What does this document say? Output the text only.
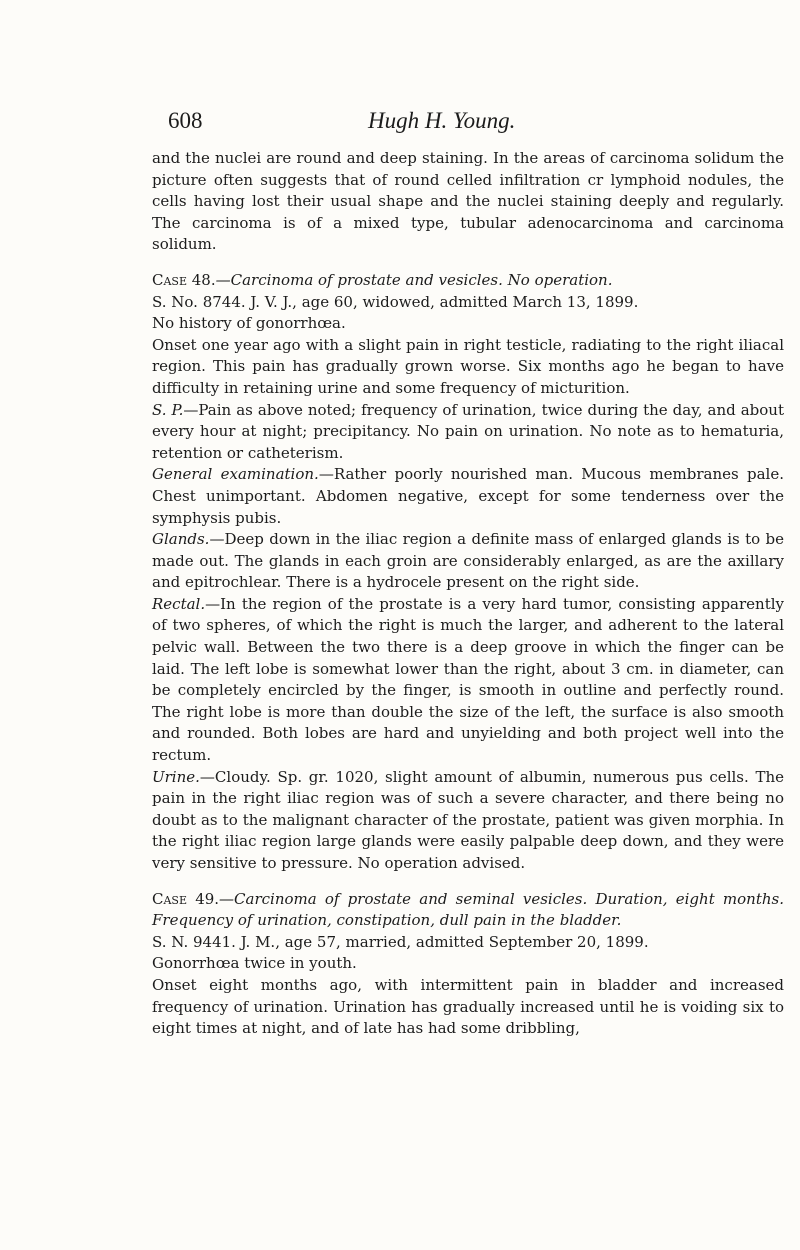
608	Hugh H. Young.

and the nuclei are round and deep staining. In the areas of carcinoma solidum the picture often suggests that of round celled infiltration cr lymphoid nodules, the cells having lost their usual shape and the nuclei staining deeply and regularly. The carcinoma is of a mixed type, tubular adenocarcinoma and carcinoma solidum.

Case 48.—Carcinoma of prostate and vesicles. No operation.

S. No. 8744. J. V. J., age 60, widowed, admitted March 13, 1899.

No history of gonorrhœa.

Onset one year ago with a slight pain in right testicle, radiating to the right iliacal region. This pain has gradually grown worse. Six months ago he began to have difficulty in retaining urine and some frequency of micturition.

S. P.—Pain as above noted; frequency of urination, twice during the day, and about every hour at night; precipitancy. No pain on urination. No note as to hematuria, retention or catheterism.

General examination.—Rather poorly nourished man. Mucous membranes pale. Chest unimportant. Abdomen negative, except for some tenderness over the symphysis pubis.

Glands.—Deep down in the iliac region a definite mass of enlarged glands is to be made out. The glands in each groin are considerably enlarged, as are the axillary and epitrochlear. There is a hydrocele present on the right side.

Rectal.—In the region of the prostate is a very hard tumor, consisting apparently of two spheres, of which the right is much the larger, and adherent to the lateral pelvic wall. Between the two there is a deep groove in which the finger can be laid. The left lobe is somewhat lower than the right, about 3 cm. in diameter, can be completely encircled by the finger, is smooth in outline and perfectly round. The right lobe is more than double the size of the left, the surface is also smooth and rounded. Both lobes are hard and unyielding and both project well into the rectum.

Urine.—Cloudy. Sp. gr. 1020, slight amount of albumin, numerous pus cells. The pain in the right iliac region was of such a severe character, and there being no doubt as to the malignant character of the prostate, patient was given morphia. In the right iliac region large glands were easily palpable deep down, and they were very sensitive to pressure. No operation advised.

Case 49.—Carcinoma of prostate and seminal vesicles. Duration, eight months. Frequency of urination, constipation, dull pain in the bladder.

S. N. 9441. J. M., age 57, married, admitted September 20, 1899.

Gonorrhœa twice in youth.

Onset eight months ago, with intermittent pain in bladder and increased frequency of urination. Urination has gradually increased until he is voiding six to eight times at night, and of late has had some dribbling,
